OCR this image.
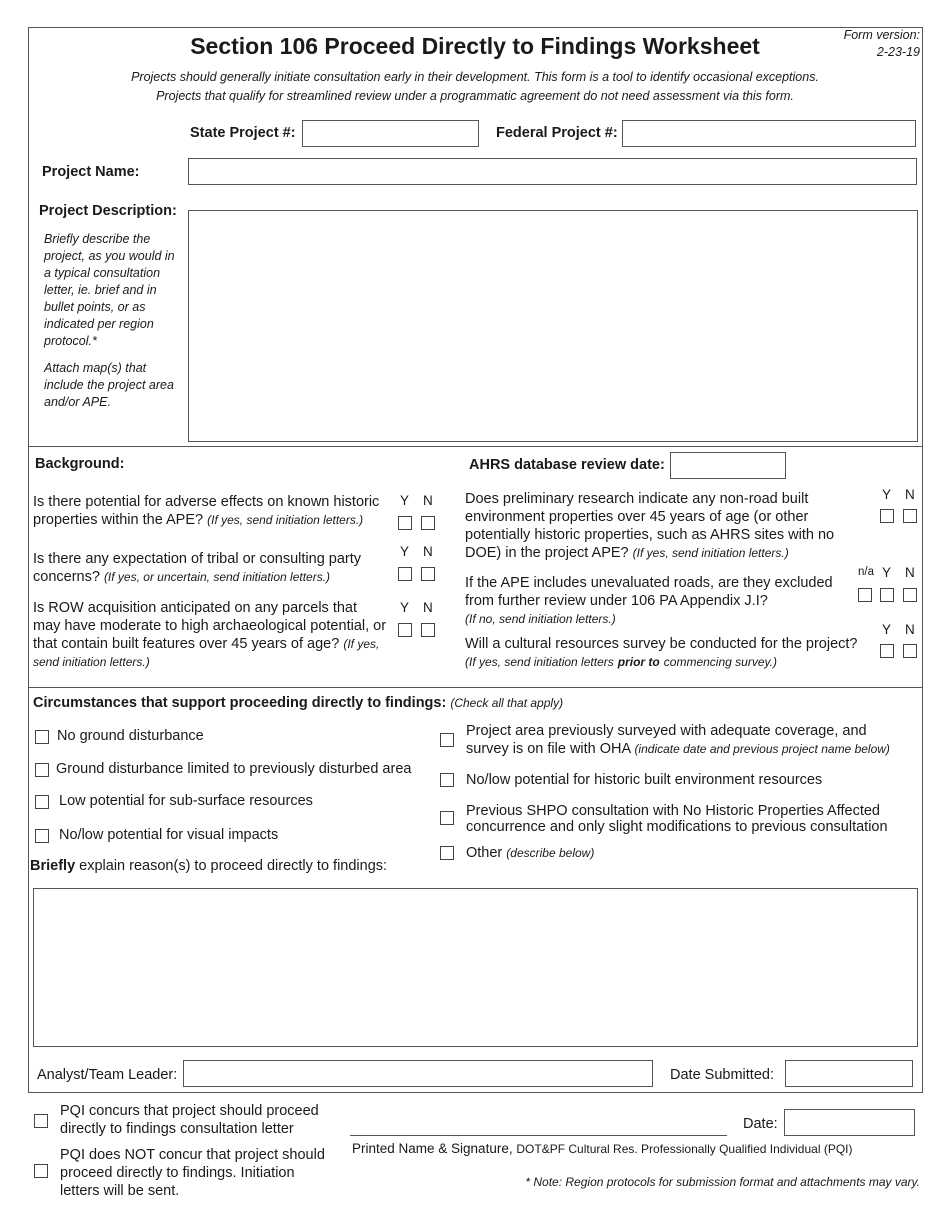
Section 106 Proceed Directly to Findings Worksheet	Form version:
2-23-19
Projects should generally initiate consultation early in their development. This form is a tool to identify occasional exceptions.
Projects that qualify for streamlined review under a programmatic agreement do not need assessment via this form.
State Project #:	Federal Project #:
Project Name:
Project Description:
Briefly describe the project, as you would in a typical consultation letter, ie. brief and in bullet points, or as indicated per region protocol.*
Attach map(s) that include the project area and/or APE.
Background:	AHRS database review date:
Is there potential for adverse effects on known historic properties within the APE? (If yes, send initiation letters.)
Y N
Is there any expectation of tribal or consulting party concerns? (If yes, or uncertain, send initiation letters.)
Y N
Is ROW acquisition anticipated on any parcels that may have moderate to high archaeological potential, or that contain built features over 45 years of age? (If yes, send initiation letters.)
Y N
Does preliminary research indicate any non-road built environment properties over 45 years of age (or other potentially historic properties, such as AHRS sites with no DOE) in the project APE? (If yes, send initiation letters.)
Y N
If the APE includes unevaluated roads, are they excluded from further review under 106 PA Appendix J.I?
(If no, send initiation letters.)
n/a Y N
Will a cultural resources survey be conducted for the project? (If yes, send initiation letters prior to commencing survey.)
Y N
Circumstances that support proceeding directly to findings: (Check all that apply)
No ground disturbance
Ground disturbance limited to previously disturbed area
Low potential for sub-surface resources
No/low potential for visual impacts
Project area previously surveyed with adequate coverage, and survey is on file with OHA (indicate date and previous project name below)
No/low potential for historic built environment resources
Previous SHPO consultation with No Historic Properties Affected concurrence and only slight modifications to previous consultation
Other (describe below)
Briefly explain reason(s) to proceed directly to findings:
Analyst/Team Leader:	Date Submitted:
PQI concurs that project should proceed directly to findings consultation letter
PQI does NOT concur that project should proceed directly to findings. Initiation letters will be sent.
Date:
Printed Name & Signature, DOT&PF Cultural Res. Professionally Qualified Individual (PQI)
* Note: Region protocols for submission format and attachments may vary.
